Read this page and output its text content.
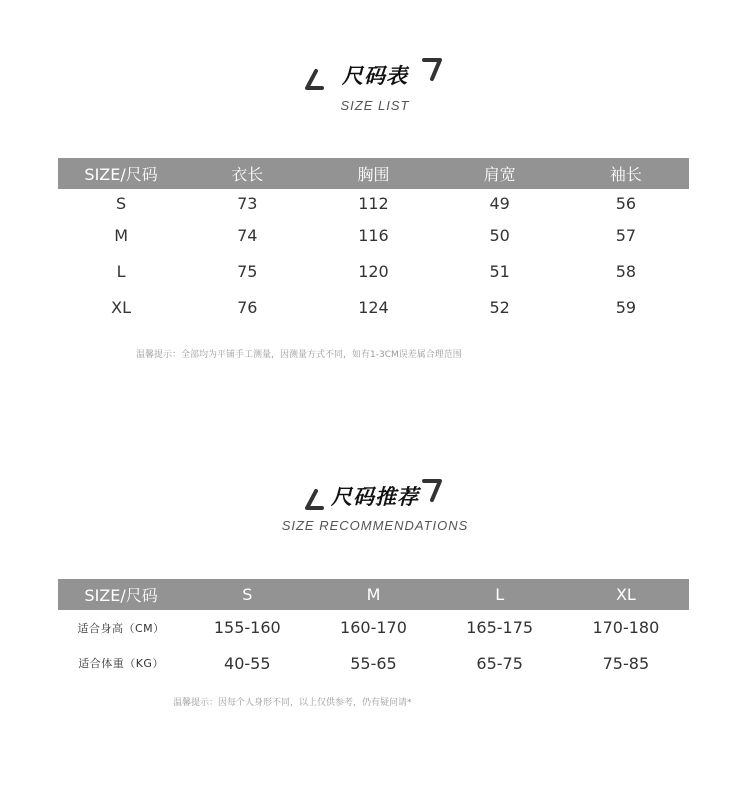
尺码表
SIZE LIST
SIZE/尺码	衣长	胸围	肩宽	袖长
S	73	112	49	56
M	74	116	50	57
L	75	120	51	58
XL	76	124	52	59
温馨提示：全部均为平铺手工测量，因测量方式不同，如有1-3CM误差属合理范围
尺码推荐
SIZE RECOMMENDATIONS
SIZE/尺码	S	M	L	XL
适合身高（CM）	155-160	160-170	165-175	170-180
适合体重（KG）	40-55	55-65	65-75	75-85
温馨提示：因每个人身形不同，以上仅供参考，仍有疑问请*
